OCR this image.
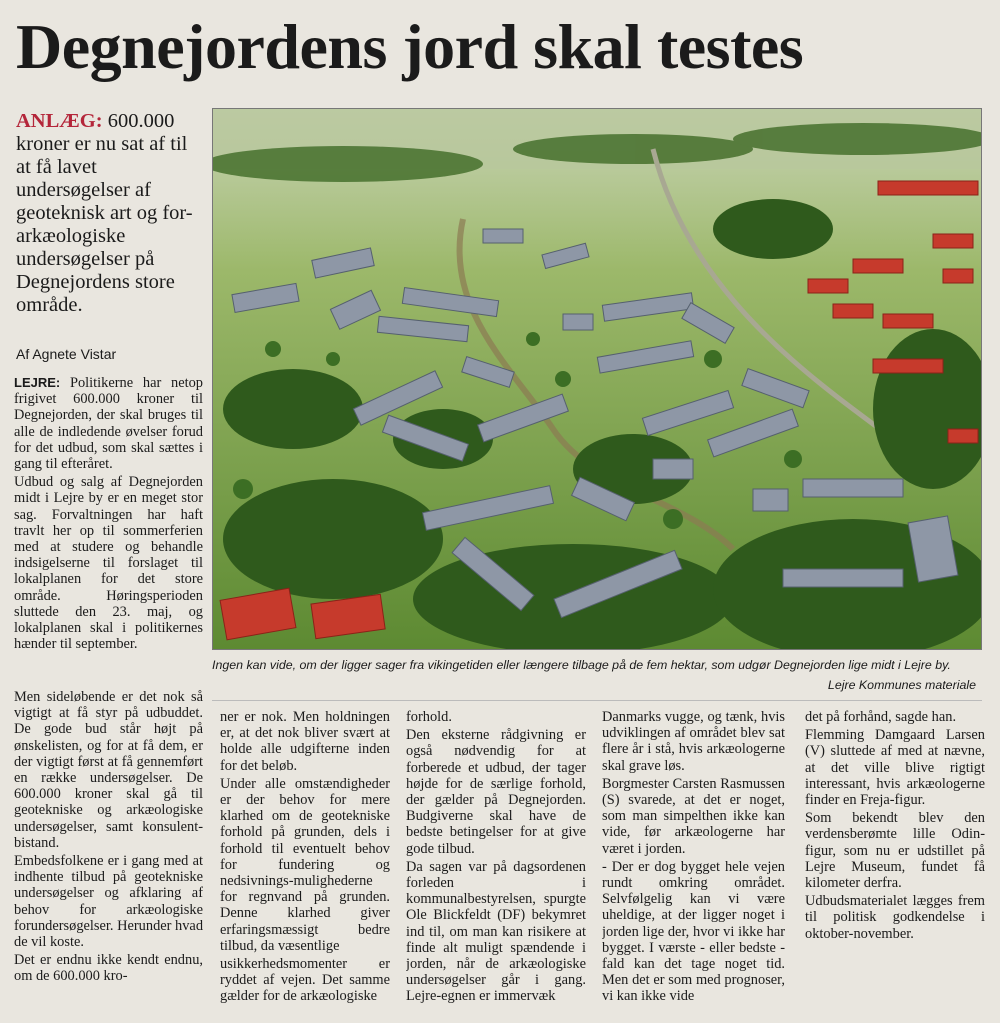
Degnejordens jord skal testes
ANLÆG: 600.000 kroner er nu sat af til at få lavet undersøgelser af geoteknisk art og for-arkæologiske undersøgelser på Degnejordens store område.
Af Agnete Vistar
Ingen kan vide, om der ligger sager fra vikingetiden eller længere tilbage på de fem hektar, som udgør Degnejorden lige midt i Lejre by.
Lejre Kommunes materiale
LEJRE: Politikerne har netop frigivet 600.000 kroner til Degnejorden, der skal bruges til alle de indledende øvelser forud for det udbud, som skal sættes i gang til efteråret.
Udbud og salg af Degnejorden midt i Lejre by er en meget stor sag. Forvaltningen har haft travlt her op til sommerferien med at studere og behandle indsigelserne til forslaget til lokalplanen for det store område. Høringsperioden sluttede den 23. maj, og lokalplanen skal i politikernes hænder til september.
Men sideløbende er det nok så vigtigt at få styr på udbuddet. De gode bud står højt på ønskelisten, og for at få dem, er der vigtigt først at få gennemført en række undersøgelser. De 600.000 kroner skal gå til geotekniske og arkæologiske undersøgelser, samt konsulent-bistand.
Embedsfolkene er i gang med at indhente tilbud på geotekniske undersøgelser og afklaring af behov for arkæologiske forundersøgelser. Herunder hvad de vil koste.
Det er endnu ikke kendt endnu, om de 600.000 kro-
ner er nok. Men holdningen er, at det nok bliver svært at holde alle udgifterne inden for det beløb.
Under alle omstændigheder er der behov for mere klarhed om de geotekniske forhold på grunden, dels i forhold til eventuelt behov for fundering og nedsivnings-mulighederne for regnvand på grunden. Denne klarhed giver erfaringsmæssigt bedre tilbud, da væsentlige
usikkerhedsmomenter er ryddet af vejen. Det samme gælder for de arkæologiske
forhold.
Den eksterne rådgivning er også nødvendig for at forberede et udbud, der tager højde for de særlige forhold, der gælder på Degnejorden. Budgiverne skal have de bedste betingelser for at give gode tilbud.
Da sagen var på dagsordenen forleden i kommunalbestyrelsen, spurgte Ole Blickfeldt (DF) bekymret ind til, om man kan risikere at finde alt muligt spændende i jorden, når de arkæologiske undersøgelser går i gang. Lejre-egnen er immervæk
Danmarks vugge, og tænk, hvis udviklingen af området blev sat flere år i stå, hvis arkæologerne skal grave løs.
Borgmester Carsten Rasmussen (S) svarede, at det er noget, som man simpelthen ikke kan vide, før arkæologerne har været i jorden.
- Der er dog bygget hele vejen rundt omkring området. Selvfølgelig kan vi være uheldige, at der ligger noget i jorden lige der, hvor vi ikke har bygget. I værste - eller bedste - fald kan det tage noget tid. Men det er som med prognoser, vi kan ikke vide
det på forhånd, sagde han.
Flemming Damgaard Larsen (V) sluttede af med at nævne, at det ville blive rigtigt interessant, hvis arkæologerne finder en Freja-figur.
Som bekendt blev den verdensberømte lille Odin-figur, som nu er udstillet på Lejre Museum, fundet få kilometer derfra.
Udbudsmaterialet lægges frem til politisk godkendelse i oktober-november.
